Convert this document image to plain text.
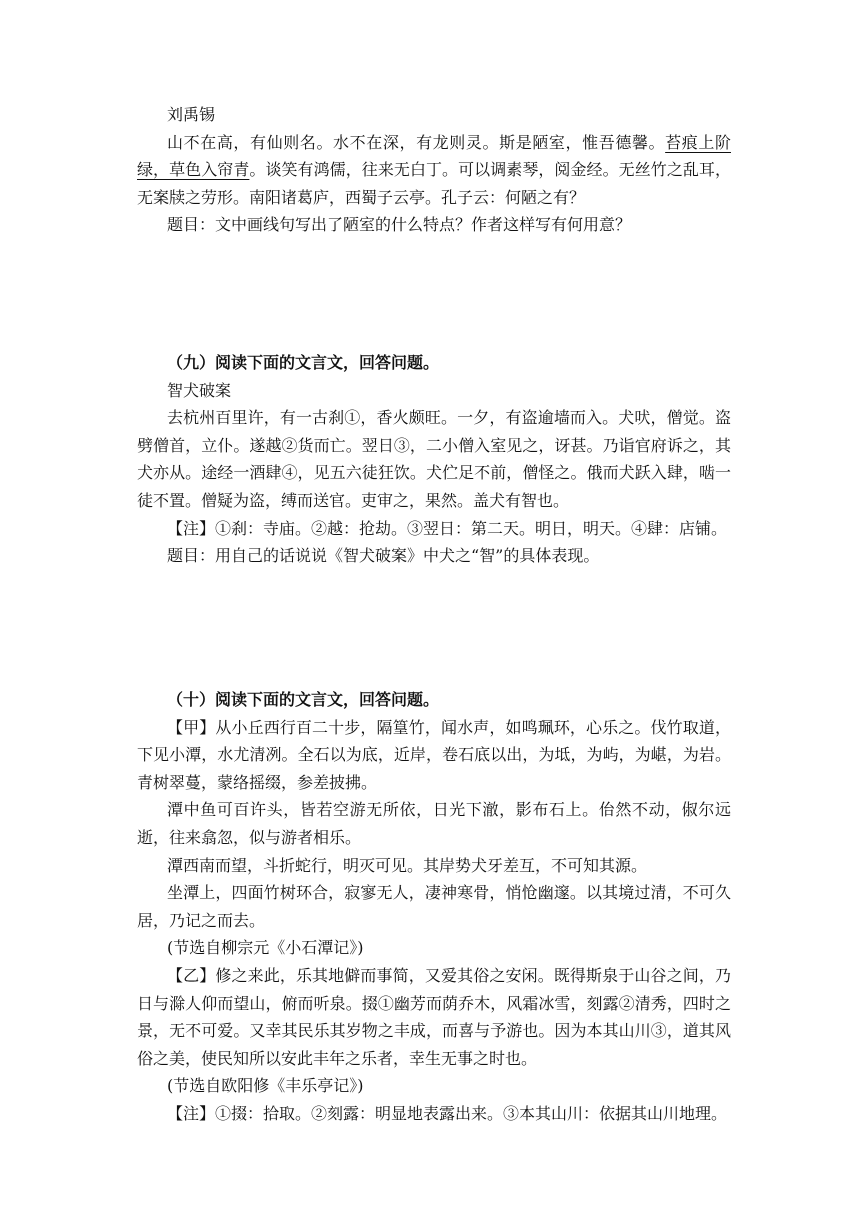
刘禹锡

山不在高，有仙则名。水不在深，有龙则灵。斯是陋室，惟吾德馨。苔痕上阶绿，草色入帘青。谈笑有鸿儒，往来无白丁。可以调素琴，阅金经。无丝竹之乱耳，无案牍之劳形。南阳诸葛庐，西蜀子云亭。孔子云：何陋之有？

题目：文中画线句写出了陋室的什么特点？作者这样写有何用意？

（九）阅读下面的文言文，回答问题。

智犬破案

去杭州百里许，有一古刹①，香火颇旺。一夕，有盗逾墙而入。犬吠，僧觉。盗劈僧首，立仆。遂越②货而亡。翌日③，二小僧入室见之，讶甚。乃诣官府诉之，其犬亦从。途经一酒肆④，见五六徒狂饮。犬伫足不前，僧怪之。俄而犬跃入肆，啮一徒不置。僧疑为盗，缚而送官。吏审之，果然。盖犬有智也。

【注】①刹：寺庙。②越：抢劫。③翌日：第二天。明日，明天。④肆：店铺。

题目：用自己的话说说《智犬破案》中犬之“智”的具体表现。

（十）阅读下面的文言文，回答问题。

【甲】从小丘西行百二十步，隔篁竹，闻水声，如鸣珮环，心乐之。伐竹取道，下见小潭，水尤清冽。全石以为底，近岸，卷石底以出，为坻，为屿，为嵁，为岩。青树翠蔓，蒙络摇缀，参差披拂。

潭中鱼可百许头，皆若空游无所依，日光下澈，影布石上。佁然不动，俶尔远逝，往来翕忽，似与游者相乐。

潭西南而望，斗折蛇行，明灭可见。其岸势犬牙差互，不可知其源。

坐潭上，四面竹树环合，寂寥无人，凄神寒骨，悄怆幽邃。以其境过清，不可久居，乃记之而去。

(节选自柳宗元《小石潭记》)

【乙】修之来此，乐其地僻而事简，又爱其俗之安闲。既得斯泉于山谷之间，乃日与滁人仰而望山，俯而听泉。掇①幽芳而荫乔木，风霜冰雪，刻露②清秀，四时之景，无不可爱。又幸其民乐其岁物之丰成，而喜与予游也。因为本其山川③，道其风俗之美，使民知所以安此丰年之乐者，幸生无事之时也。

(节选自欧阳修《丰乐亭记》)

【注】①掇：拾取。②刻露：明显地表露出来。③本其山川：依据其山川地理。
